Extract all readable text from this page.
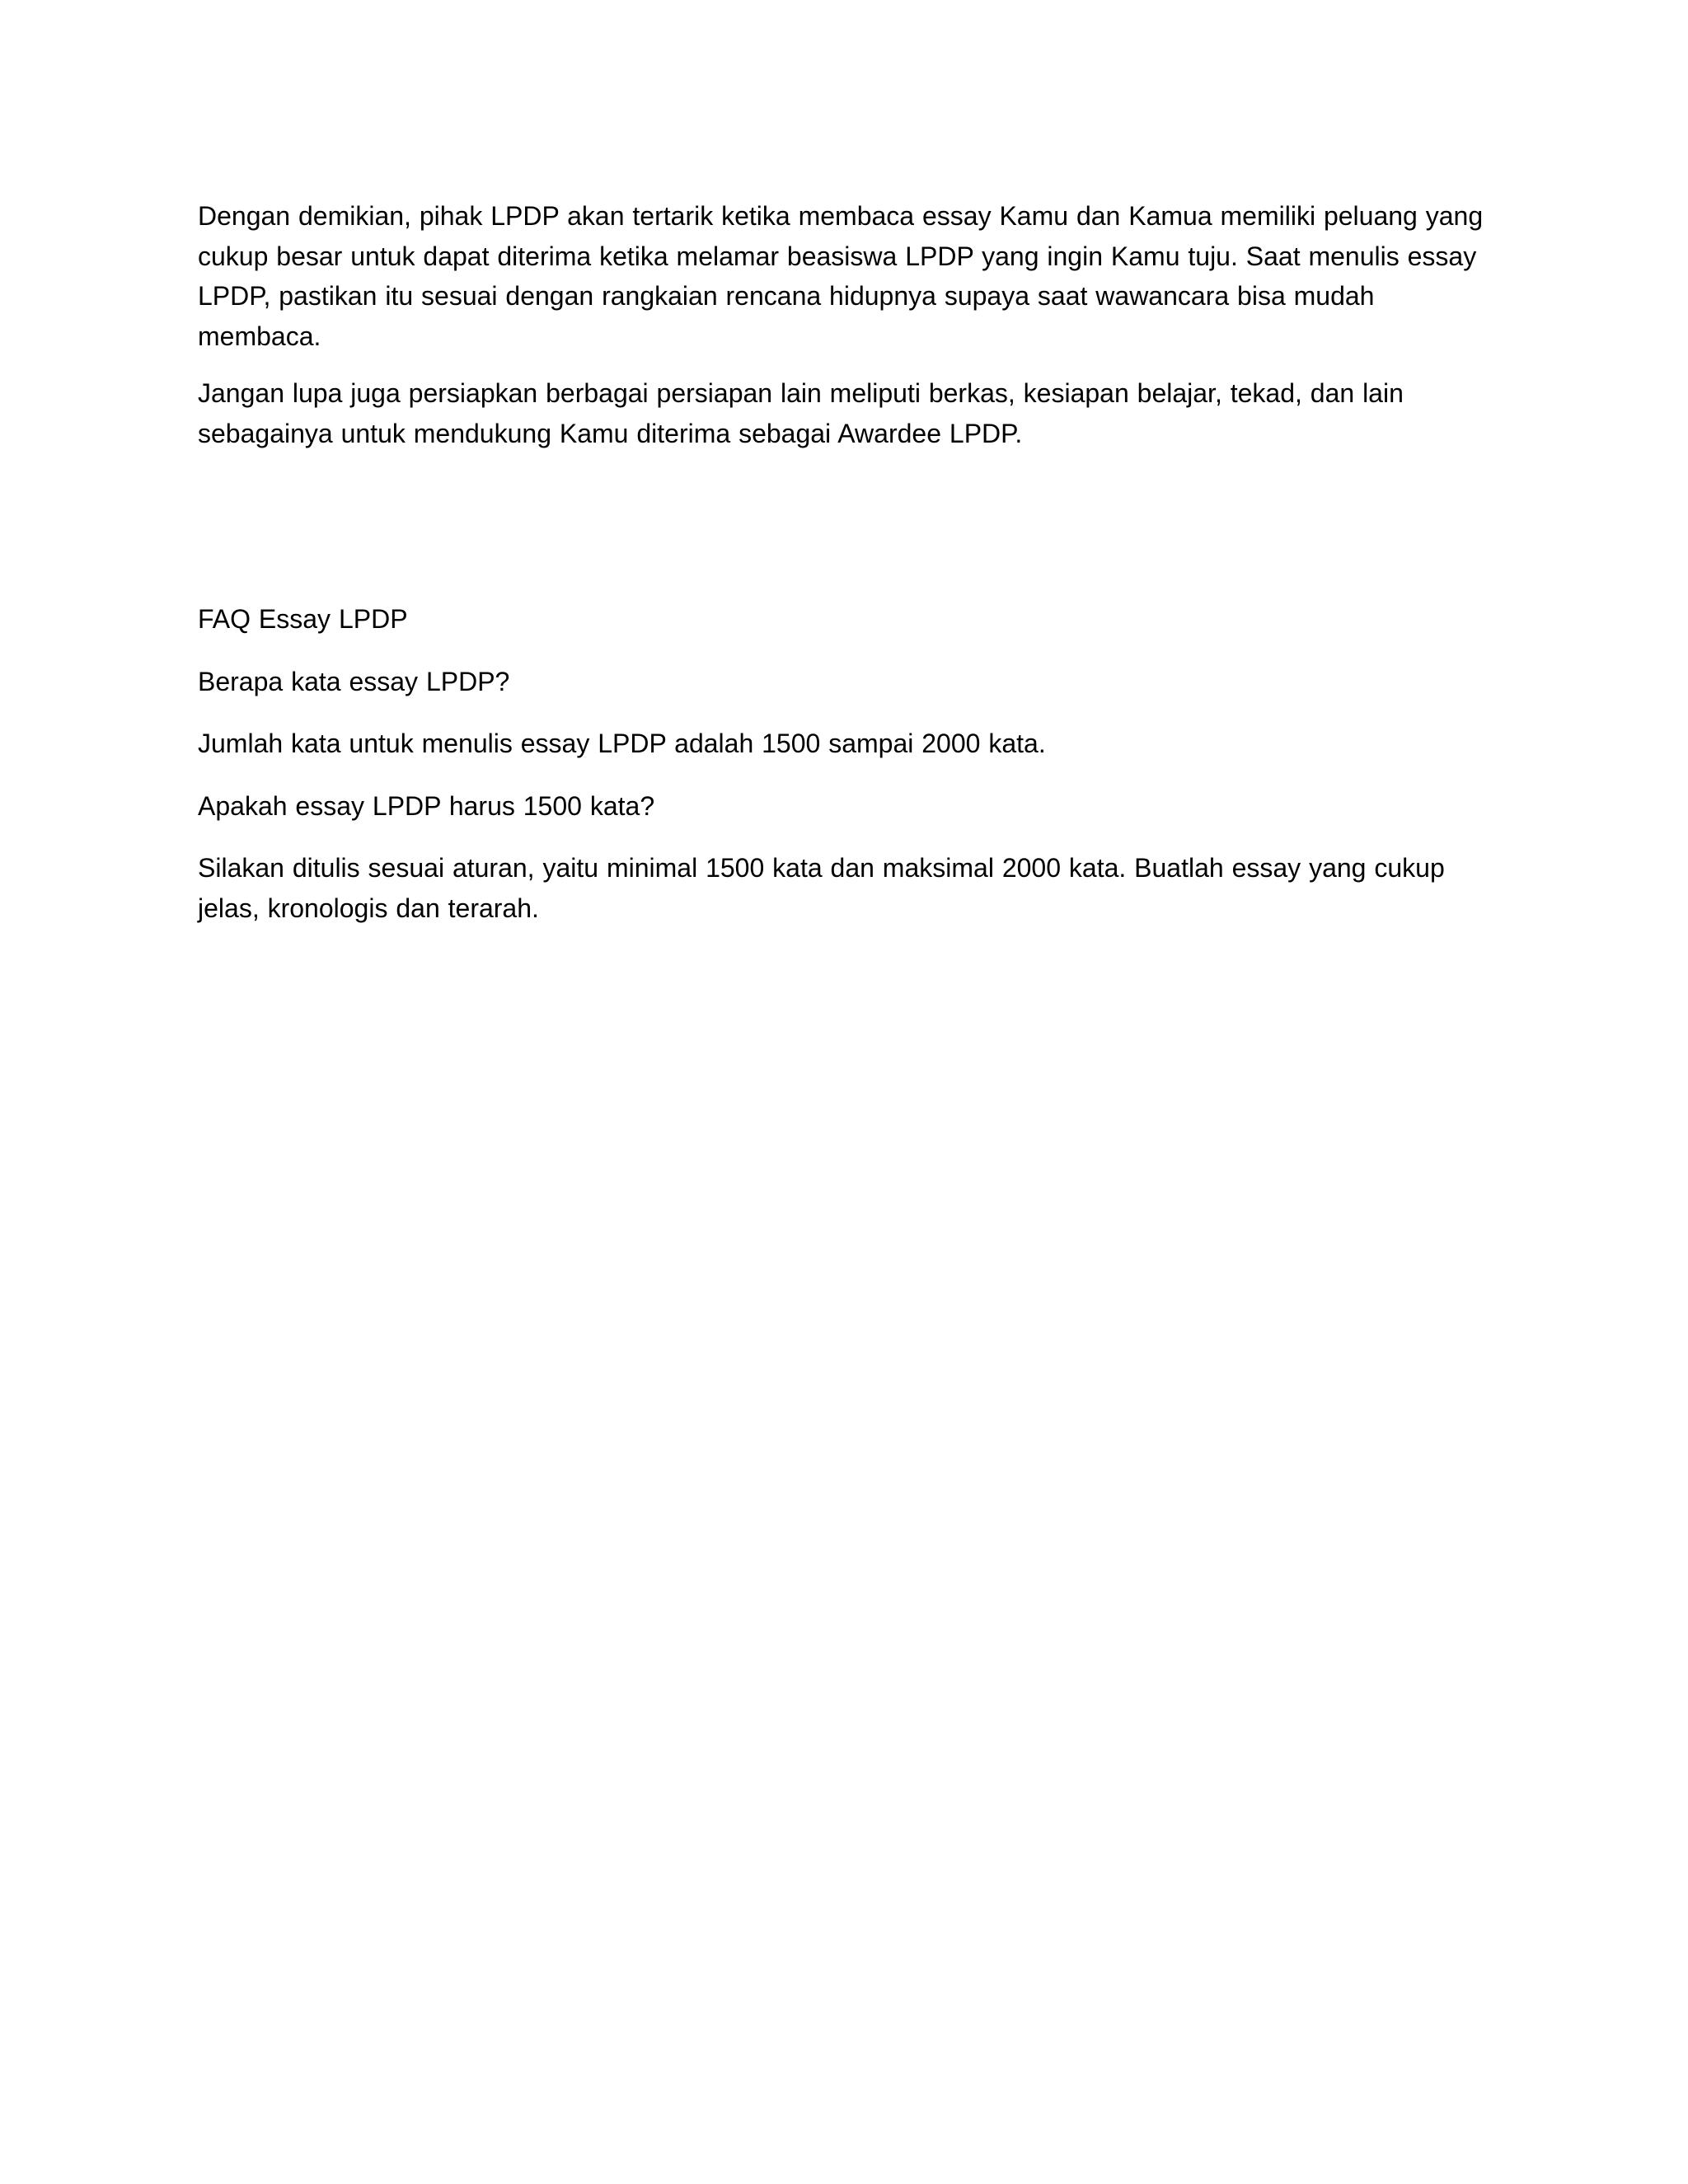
Dengan demikian, pihak LPDP akan tertarik ketika membaca essay Kamu dan Kamua memiliki peluang yang cukup besar untuk dapat diterima ketika melamar beasiswa LPDP yang ingin Kamu tuju. Saat menulis essay LPDP, pastikan itu sesuai dengan rangkaian rencana hidupnya supaya saat wawancara bisa mudah membaca.

Jangan lupa juga persiapkan berbagai persiapan lain meliputi berkas, kesiapan belajar, tekad, dan lain sebagainya untuk mendukung Kamu diterima sebagai Awardee LPDP.

FAQ Essay LPDP

Berapa kata essay LPDP?

Jumlah kata untuk menulis essay LPDP adalah 1500 sampai 2000 kata.

Apakah essay LPDP harus 1500 kata?

Silakan ditulis sesuai aturan, yaitu minimal 1500 kata dan maksimal 2000 kata. Buatlah essay yang cukup jelas, kronologis dan terarah.
